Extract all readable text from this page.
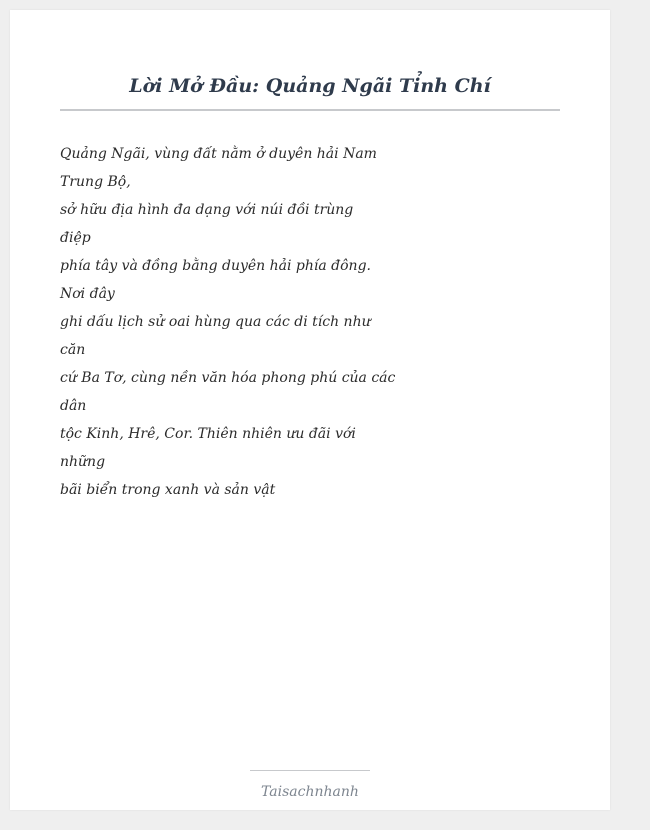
Lời Mở Đầu: Quảng Ngãi Tỉnh Chí
Quảng Ngãi, vùng đất nằm ở duyên hải Nam
Trung Bộ,
sở hữu địa hình đa dạng với núi đồi trùng
điệp
phía tây và đồng bằng duyên hải phía đông.
Nơi đây
ghi dấu lịch sử oai hùng qua các di tích như
căn
cứ Ba Tơ, cùng nền văn hóa phong phú của các
dân
tộc Kinh, Hrê, Cor. Thiên nhiên ưu đãi với
những
bãi biển trong xanh và sản vật
Taisachnhanh
